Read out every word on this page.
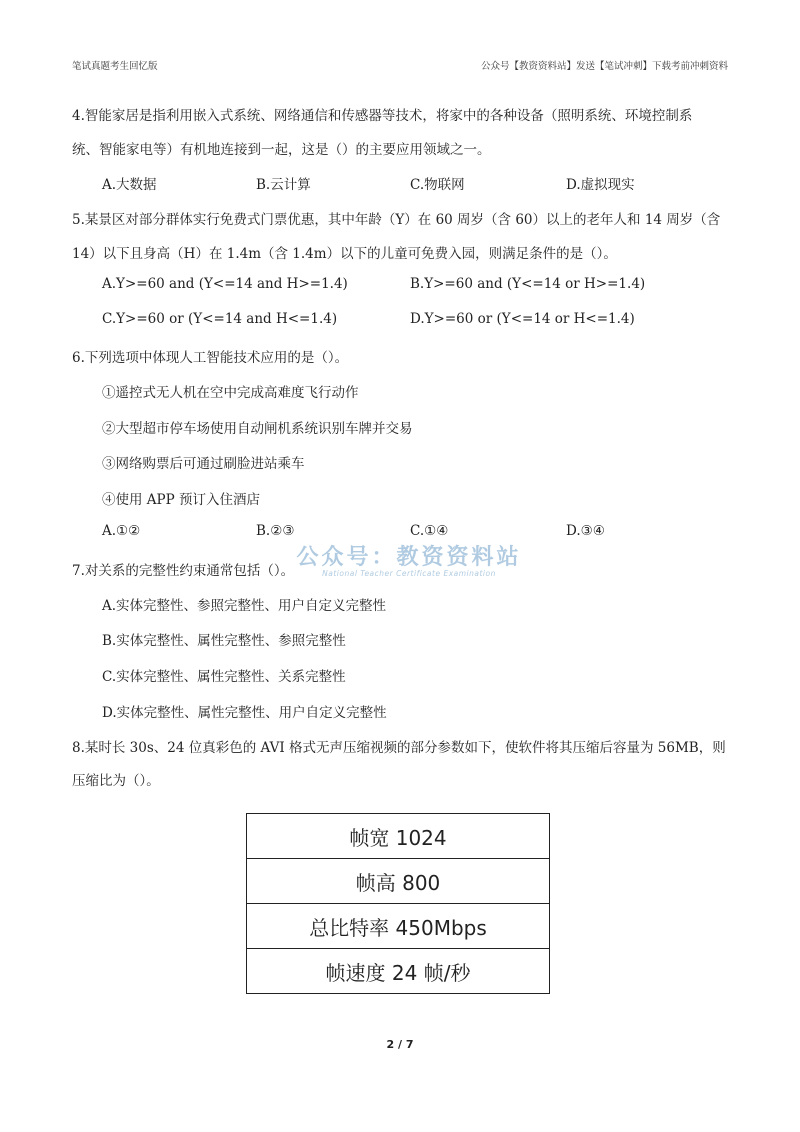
笔试真题考生回忆版	公众号【教资资料站】发送【笔试冲刺】下载考前冲刺资料
4.智能家居是指利用嵌入式系统、网络通信和传感器等技术，将家中的各种设备（照明系统、环境控制系
统、智能家电等）有机地连接到一起，这是（）的主要应用领域之一。
A.大数据	B.云计算	C.物联网	D.虚拟现实
5.某景区对部分群体实行免费式门票优惠，其中年龄（Y）在 60 周岁（含 60）以上的老年人和 14 周岁（含
14）以下且身高（H）在 1.4m（含 1.4m）以下的儿童可免费入园，则满足条件的是（）。
A.Y>=60 and (Y<=14 and H>=1.4)	B.Y>=60 and (Y<=14 or H>=1.4)
C.Y>=60 or (Y<=14 and H<=1.4)	D.Y>=60 or (Y<=14 or H<=1.4)
6.下列选项中体现人工智能技术应用的是（）。
①遥控式无人机在空中完成高难度飞行动作
②大型超市停车场使用自动闸机系统识别车牌并交易
③网络购票后可通过刷脸进站乘车
④使用 APP 预订入住酒店
A.①②	B.②③	C.①④	D.③④
公众号：教资资料站
National Teacher Certificate Examination
7.对关系的完整性约束通常包括（）。
A.实体完整性、参照完整性、用户自定义完整性
B.实体完整性、属性完整性、参照完整性
C.实体完整性、属性完整性、关系完整性
D.实体完整性、属性完整性、用户自定义完整性
8.某时长 30s、24 位真彩色的 AVI 格式无声压缩视频的部分参数如下，使软件将其压缩后容量为 56MB，则
压缩比为（）。
帧宽 1024
帧高 800
总比特率 450Mbps
帧速度 24 帧/秒
2 / 7
